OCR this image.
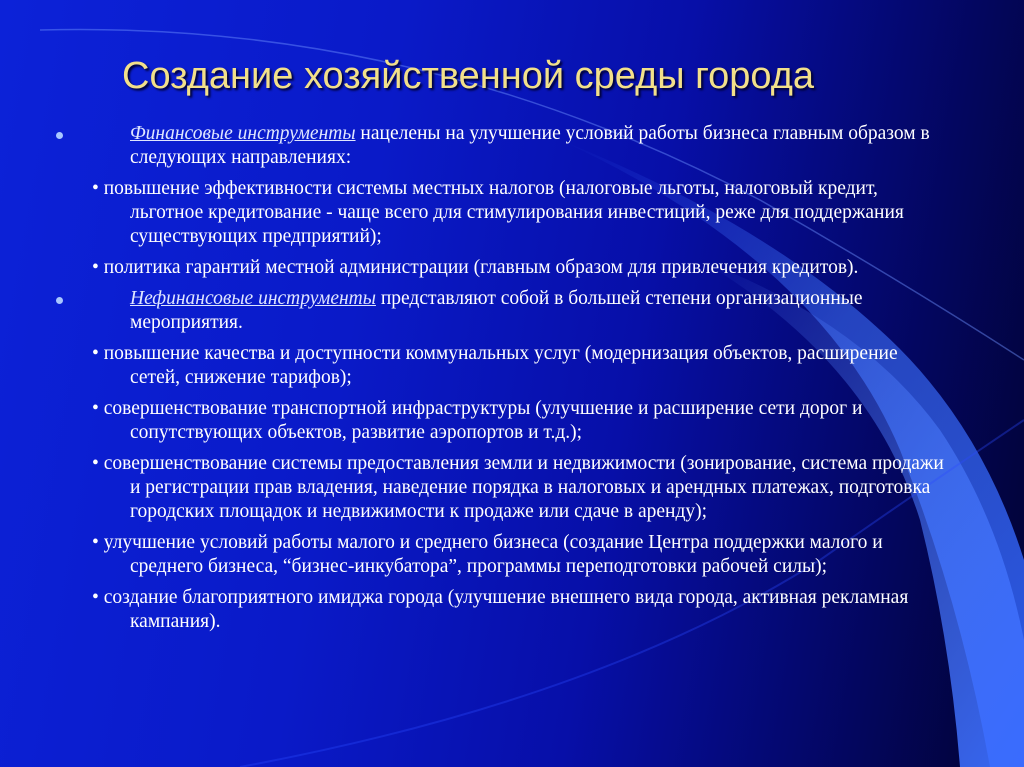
Создание хозяйственной среды города
Финансовые инструменты нацелены на улучшение условий работы бизнеса главным образом в следующих направлениях:
• повышение эффективности системы местных налогов (налоговые льготы, налоговый кредит, льготное кредитование - чаще всего для стимулирования инвестиций, реже для поддержания существующих предприятий);
• политика гарантий местной администрации (главным образом для привлечения кредитов).
Нефинансовые инструменты представляют собой в большей степени организационные мероприятия.
• повышение качества и доступности коммунальных услуг (модернизация объектов, расширение сетей, снижение тарифов);
• совершенствование транспортной инфраструктуры (улучшение и расширение сети дорог и сопутствующих объектов, развитие аэропортов и т.д.);
• совершенствование системы предоставления земли и недвижимости (зонирование, система продажи и регистрации прав владения, наведение порядка в налоговых и арендных платежах, подготовка городских площадок и недвижимости к продаже или сдаче в аренду);
• улучшение условий работы малого и среднего бизнеса (создание Центра поддержки малого и среднего бизнеса, “бизнес-инкубатора”, программы переподготовки рабочей силы);
• создание благоприятного имиджа города (улучшение внешнего вида города, активная рекламная кампания).
